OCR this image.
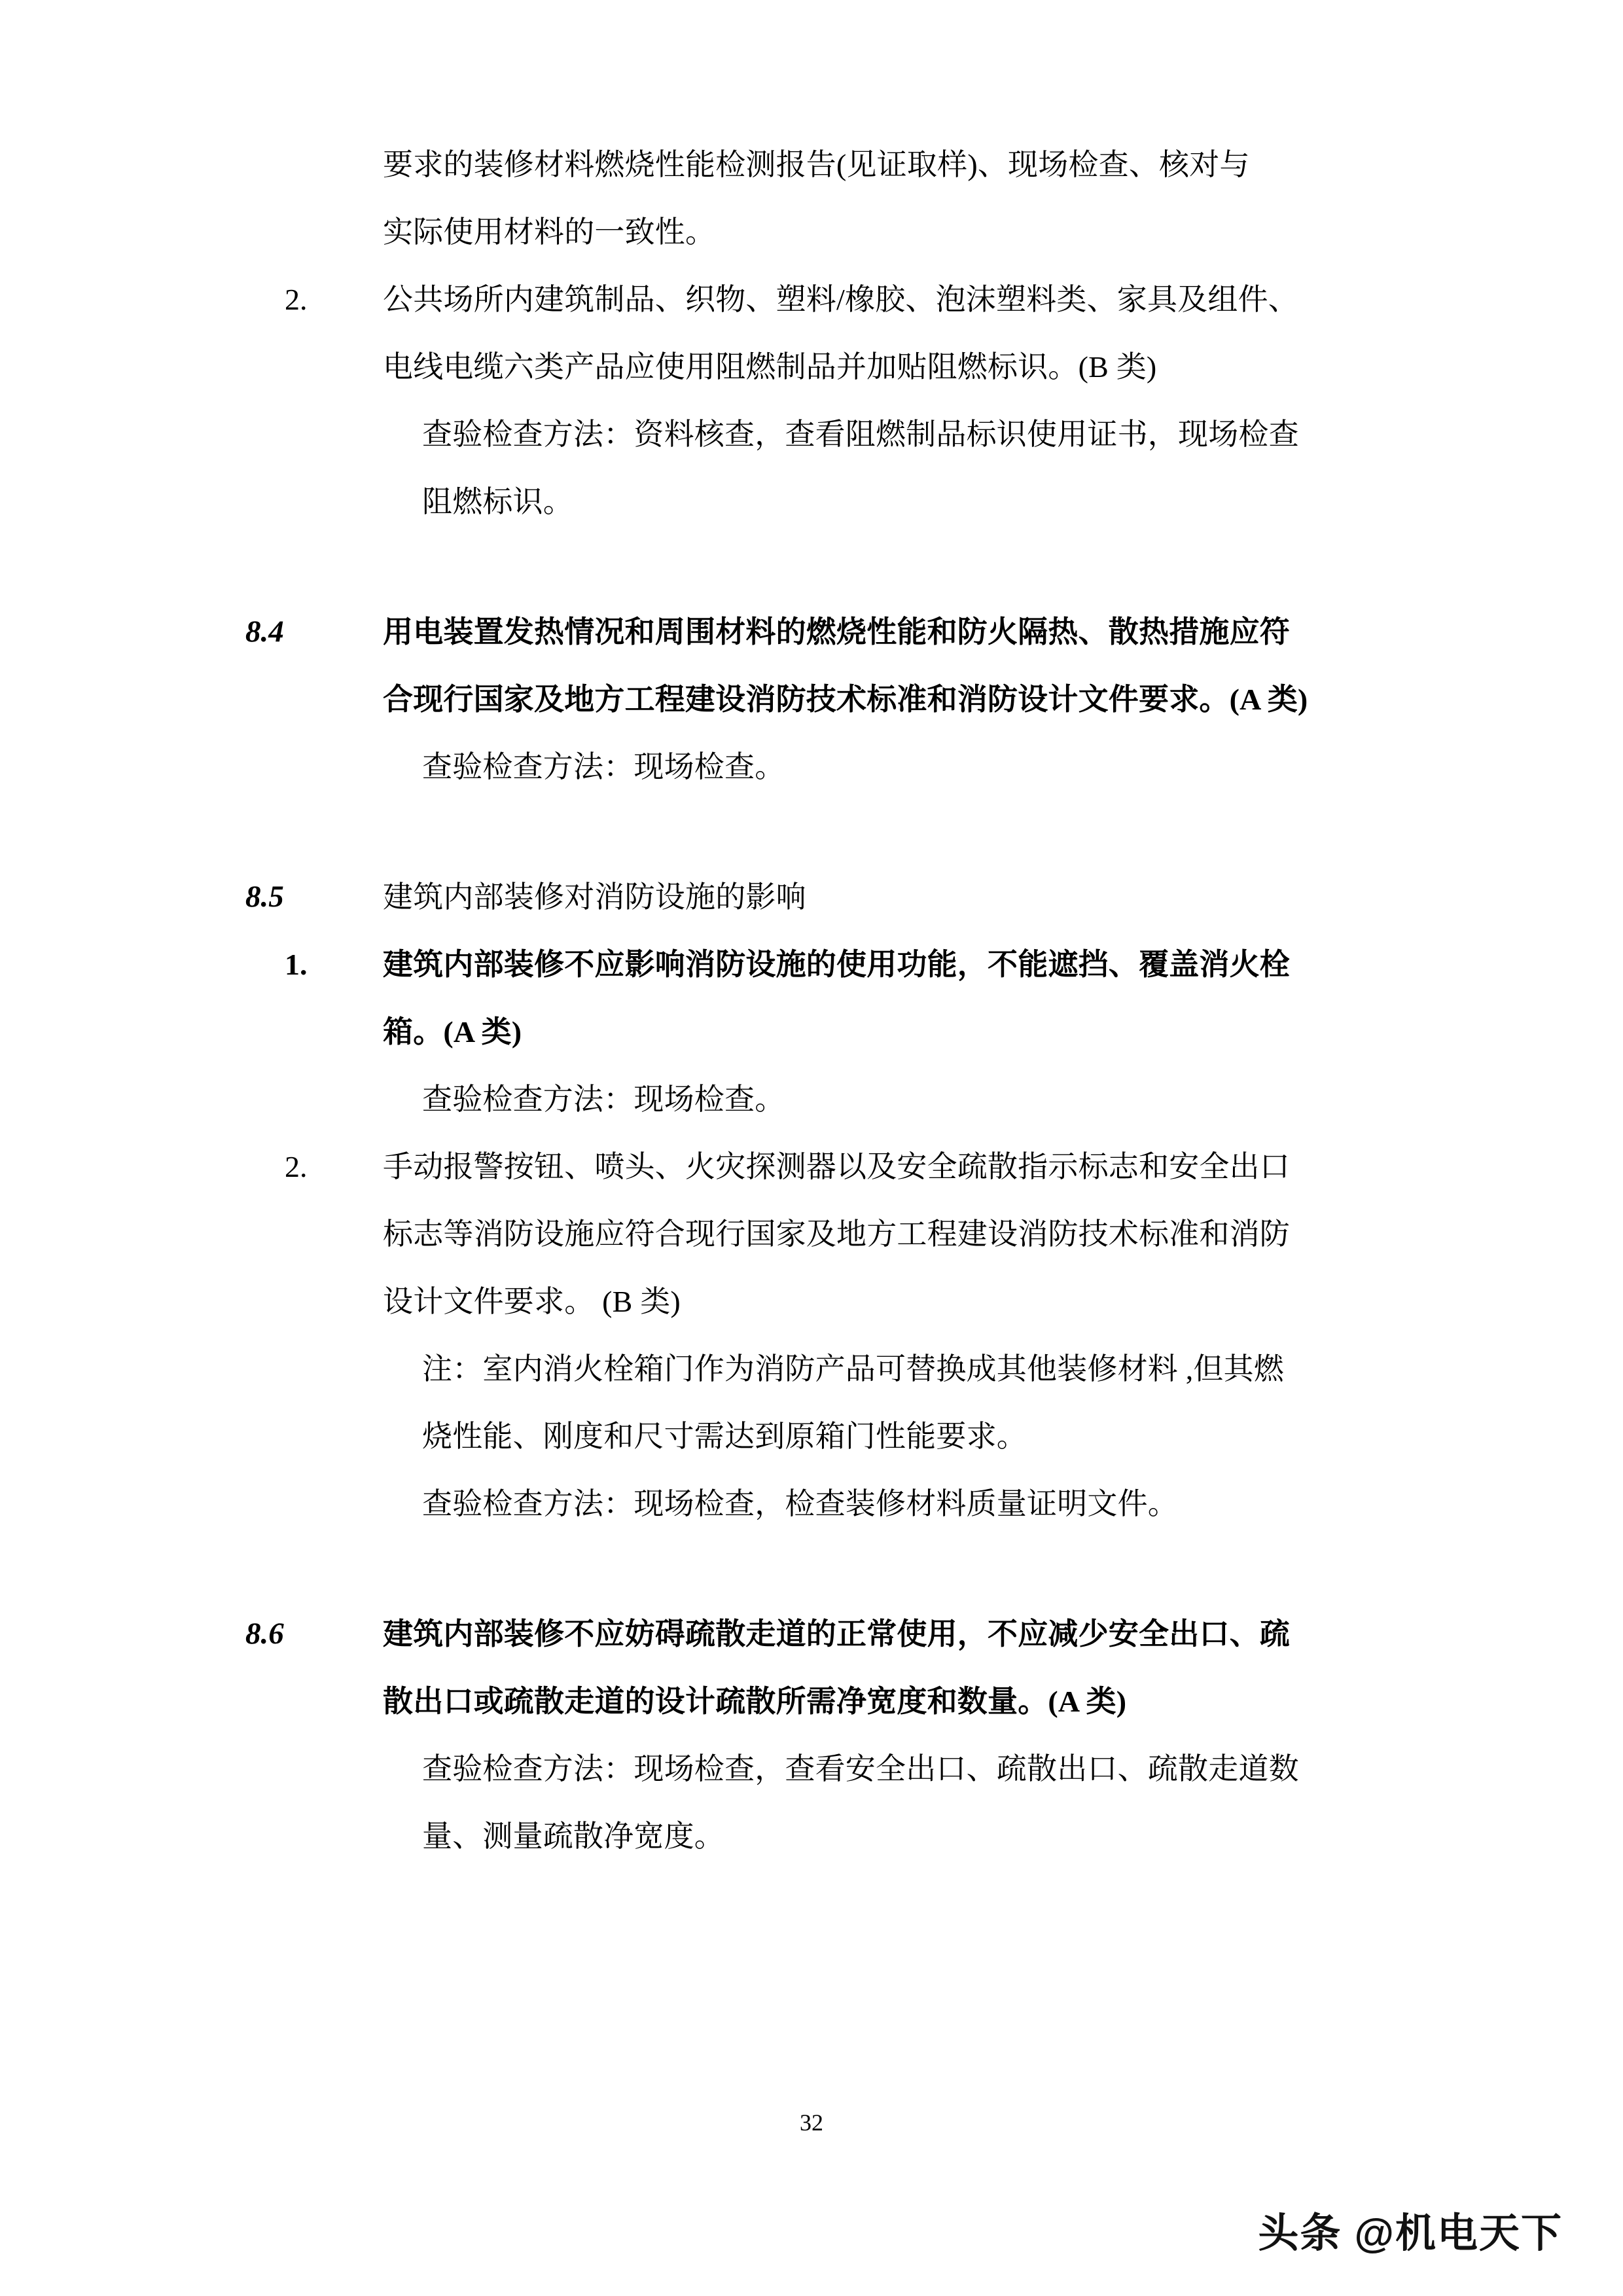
要求的装修材料燃烧性能检测报告(见证取样)、现场检查、核对与
实际使用材料的一致性。
2.	公共场所内建筑制品、织物、塑料/橡胶、泡沫塑料类、家具及组件、
电线电缆六类产品应使用阻燃制品并加贴阻燃标识。(B 类)
查验检查方法：资料核查，查看阻燃制品标识使用证书，现场检查
阻燃标识。
8.4	用电装置发热情况和周围材料的燃烧性能和防火隔热、散热措施应符
合现行国家及地方工程建设消防技术标准和消防设计文件要求。(A 类)
查验检查方法：现场检查。
8.5	建筑内部装修对消防设施的影响
1.	建筑内部装修不应影响消防设施的使用功能，不能遮挡、覆盖消火栓
箱。(A 类)
查验检查方法：现场检查。
2.	手动报警按钮、喷头、火灾探测器以及安全疏散指示标志和安全出口
标志等消防设施应符合现行国家及地方工程建设消防技术标准和消防
设计文件要求。 (B 类)
注：室内消火栓箱门作为消防产品可替换成其他装修材料 ,但其燃
烧性能、刚度和尺寸需达到原箱门性能要求。
查验检查方法：现场检查，检查装修材料质量证明文件。
8.6	建筑内部装修不应妨碍疏散走道的正常使用，不应减少安全出口、疏
散出口或疏散走道的设计疏散所需净宽度和数量。(A 类)
查验检查方法：现场检查，查看安全出口、疏散出口、疏散走道数
量、测量疏散净宽度。
32
头条 @机电天下
